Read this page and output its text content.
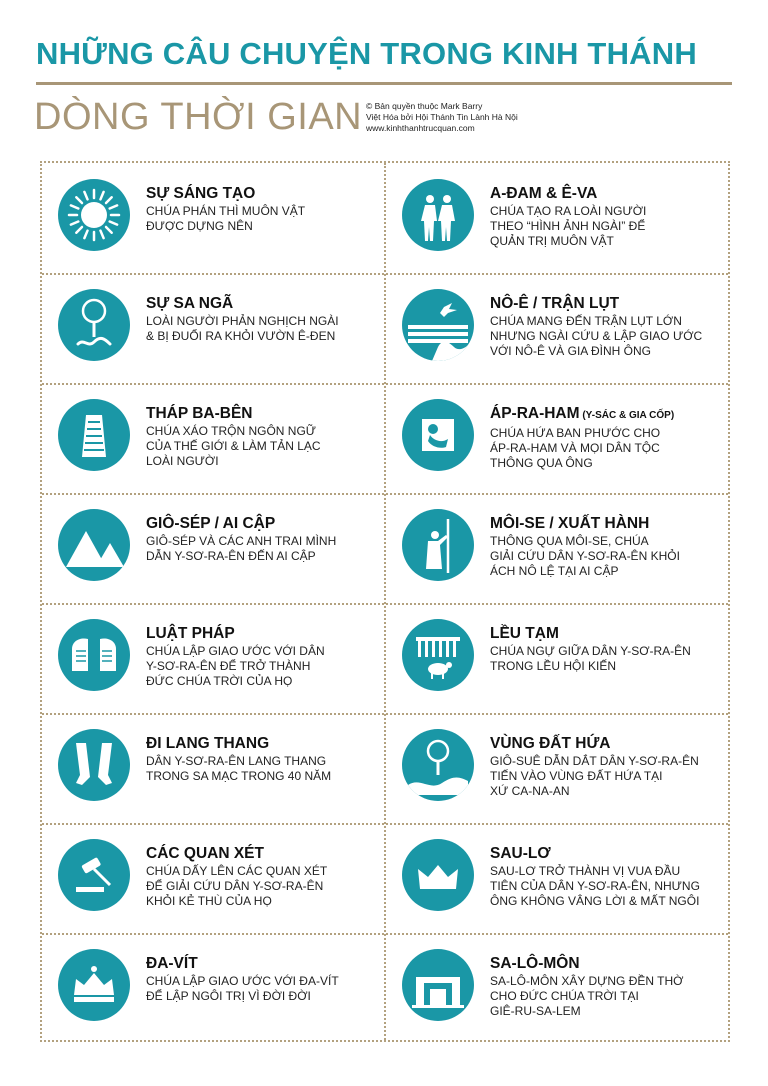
NHỮNG CÂU CHUYỆN TRONG KINH THÁNH
DÒNG THỜI GIAN © Bản quyền thuộc Mark Barry
Việt Hóa bởi Hội Thánh Tin Lành Hà Nội
www.kinhthanhtrucquan.com
SỰ SÁNG TẠO
CHÚA PHÁN THÌ MUÔN VẬT
ĐƯỢC DỰNG NÊN
A-ĐAM & Ê-VA
CHÚA TẠO RA LOÀI NGƯỜI
THEO “HÌNH ẢNH NGÀI” ĐỂ
QUẢN TRỊ MUÔN VẬT
SỰ SA NGÃ
LOÀI NGƯỜI PHẢN NGHỊCH NGÀI
& BỊ ĐUỔI RA KHỎI VƯỜN Ê-ĐEN
NÔ-Ê / TRẬN LỤT
CHÚA MANG ĐẾN TRẬN LỤT LỚN
NHƯNG NGÀI CỨU & LẬP GIAO ƯỚC
VỚI NÔ-Ê VÀ GIA ĐÌNH ÔNG
THÁP BA-BÊN
CHÚA XÁO TRỘN NGÔN NGỮ
CỦA THẾ GIỚI & LÀM TẢN LẠC
LOÀI NGƯỜI
ÁP-RA-HAM (Y-SÁC & GIA CỐP)
CHÚA HỨA BAN PHƯỚC CHO
ÁP-RA-HAM VÀ MỌI DÂN TỘC
THÔNG QUA ÔNG
GIÔ-SÉP / AI CẬP
GIÔ-SÉP VÀ CÁC ANH TRAI MÌNH
DẪN Y-SƠ-RA-ÊN ĐẾN AI CẬP
MÔI-SE / XUẤT HÀNH
THÔNG QUA MÔI-SE, CHÚA
GIẢI CỨU DÂN Y-SƠ-RA-ÊN KHỎI
ÁCH NÔ LỆ TẠI AI CẬP
LUẬT PHÁP
CHÚA LẬP GIAO ƯỚC VỚI DÂN
Y-SƠ-RA-ÊN ĐỂ TRỞ THÀNH
ĐỨC CHÚA TRỜI CỦA HỌ
LỀU TẠM
CHÚA NGỰ GIỮA DÂN Y-SƠ-RA-ÊN
TRONG LỀU HỘI KIẾN
ĐI LANG THANG
DÂN Y-SƠ-RA-ÊN LANG THANG
TRONG SA MẠC TRONG 40 NĂM
VÙNG ĐẤT HỨA
GIÔ-SUÊ DẪN DẮT DÂN Y-SƠ-RA-ÊN
TIẾN VÀO VÙNG ĐẤT HỨA TẠI
XỨ CA-NA-AN
CÁC QUAN XÉT
CHÚA DẤY LÊN CÁC QUAN XÉT
ĐỂ GIẢI CỨU DÂN Y-SƠ-RA-ÊN
KHỎI KẺ THÙ CỦA HỌ
SAU-LƠ
SAU-LƠ TRỞ THÀNH VỊ VUA ĐẦU
TIÊN CỦA DÂN Y-SƠ-RA-ÊN, NHƯNG
ÔNG KHÔNG VÂNG LỜI & MẤT NGÔI
ĐA-VÍT
CHÚA LẬP GIAO ƯỚC VỚI ĐA-VÍT
ĐỂ LẬP NGÔI TRỊ VÌ ĐỜI ĐỜI
SA-LÔ-MÔN
SA-LÔ-MÔN XÂY DỰNG ĐỀN THỜ
CHO ĐỨC CHÚA TRỜI TẠI
GIÊ-RU-SA-LEM
